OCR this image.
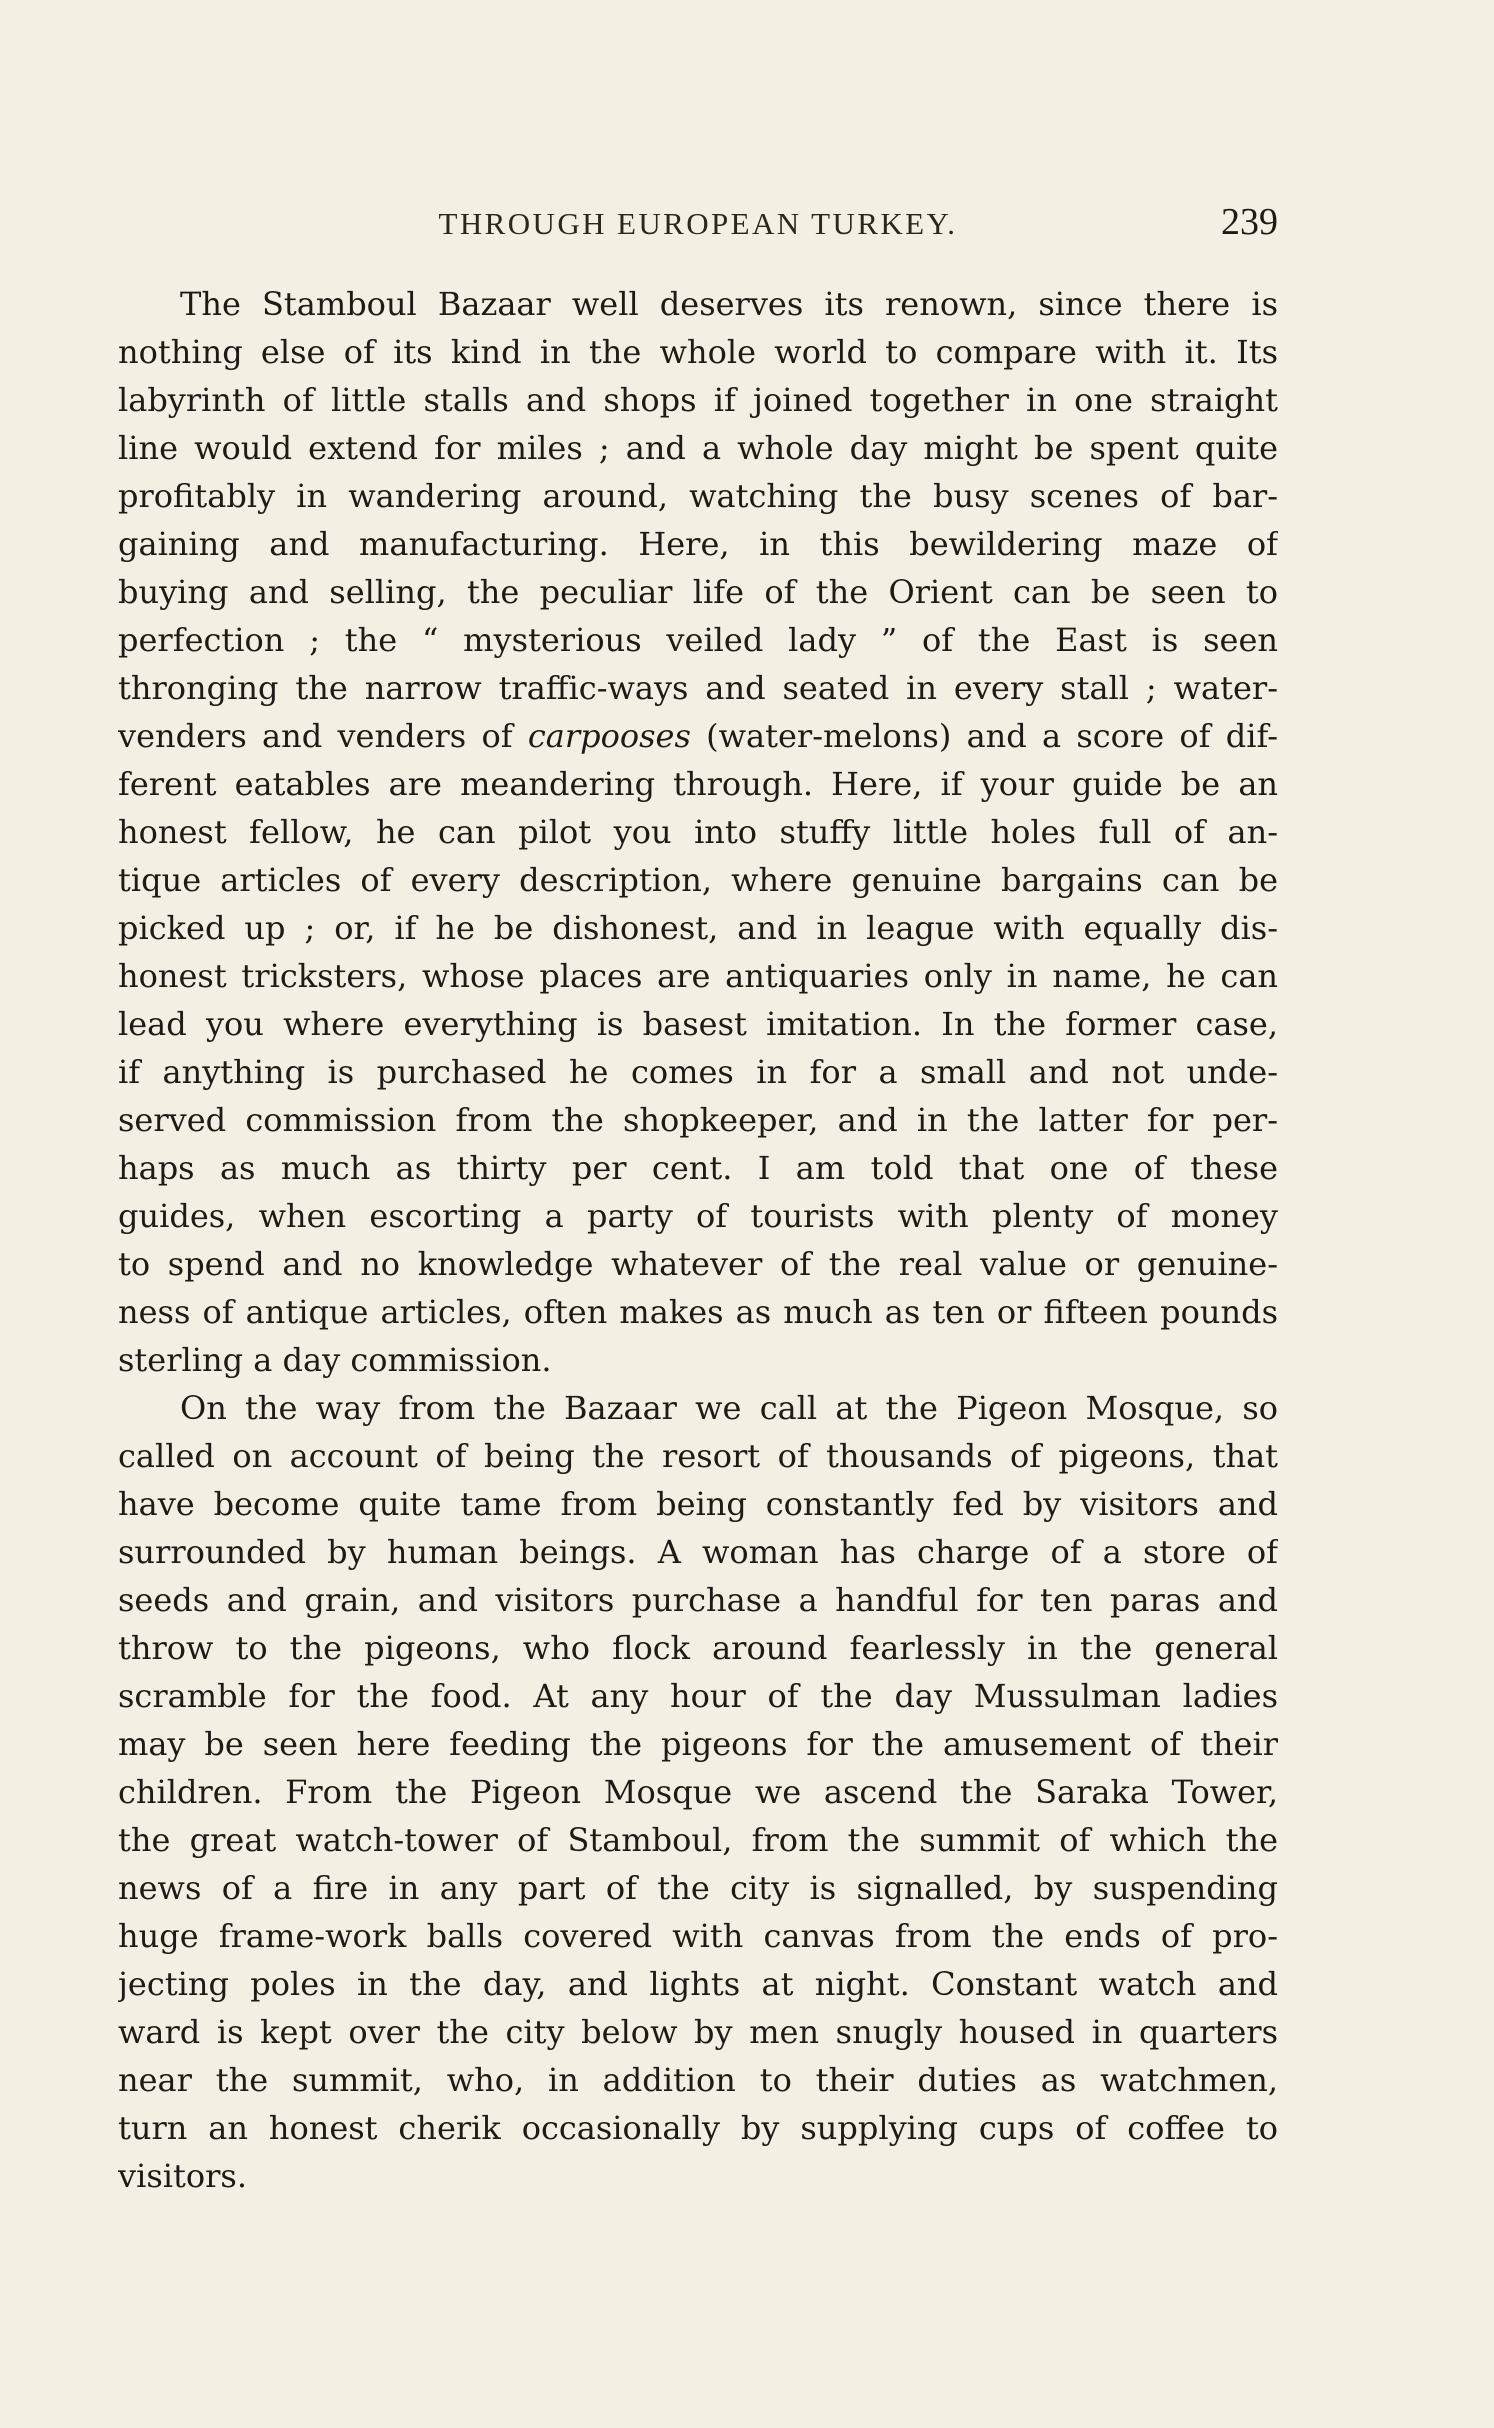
THROUGH EUROPEAN TURKEY.	239
The Stamboul Bazaar well deserves its renown, since there is
nothing else of its kind in the whole world to compare with it. Its
labyrinth of little stalls and shops if joined together in one straight
line would extend for miles ; and a whole day might be spent quite
profitably in wandering around, watching the busy scenes of bar-
gaining and manufacturing. Here, in this bewildering maze of
buying and selling, the peculiar life of the Orient can be seen to
perfection ; the “ mysterious veiled lady ” of the East is seen
thronging the narrow traffic-ways and seated in every stall ; water-
venders and venders of carpooses (water-melons) and a score of dif-
ferent eatables are meandering through. Here, if your guide be an
honest fellow, he can pilot you into stuffy little holes full of an-
tique articles of every description, where genuine bargains can be
picked up ; or, if he be dishonest, and in league with equally dis-
honest tricksters, whose places are antiquaries only in name, he can
lead you where everything is basest imitation. In the former case,
if anything is purchased he comes in for a small and not unde-
served commission from the shopkeeper, and in the latter for per-
haps as much as thirty per cent. I am told that one of these
guides, when escorting a party of tourists with plenty of money
to spend and no knowledge whatever of the real value or genuine-
ness of antique articles, often makes as much as ten or fifteen pounds
sterling a day commission.
On the way from the Bazaar we call at the Pigeon Mosque, so
called on account of being the resort of thousands of pigeons, that
have become quite tame from being constantly fed by visitors and
surrounded by human beings. A woman has charge of a store of
seeds and grain, and visitors purchase a handful for ten paras and
throw to the pigeons, who flock around fearlessly in the general
scramble for the food. At any hour of the day Mussulman ladies
may be seen here feeding the pigeons for the amusement of their
children. From the Pigeon Mosque we ascend the Saraka Tower,
the great watch-tower of Stamboul, from the summit of which the
news of a fire in any part of the city is signalled, by suspending
huge frame-work balls covered with canvas from the ends of pro-
jecting poles in the day, and lights at night. Constant watch and
ward is kept over the city below by men snugly housed in quarters
near the summit, who, in addition to their duties as watchmen,
turn an honest cherik occasionally by supplying cups of coffee to
visitors.
